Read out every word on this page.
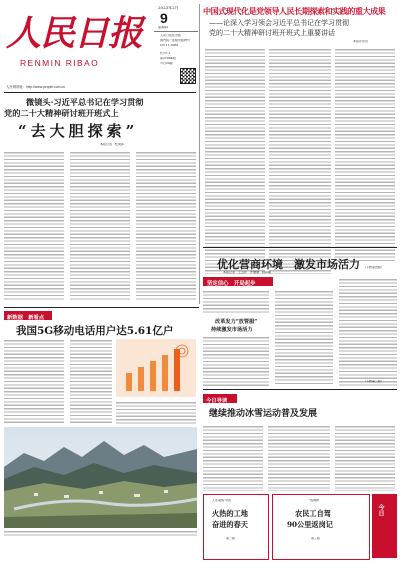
人民日报
RENMIN RIBAO
人民网网址：http://www.people.com.cn
2023年2月
9
星期四
人民日报社出版
国内统一连续出版物号
CN 11-0065
代号1-1
第27084期
今日24版
中国式现代化是党领导人民长期探索和实践的重大成果
——论深入学习领会习近平总书记在学习贯彻
党的二十大精神研讨班开班式上重要讲话
本报评论员
（下转第四版）
微镜头·习近平总书记在学习贯彻
党的二十大精神研讨班开班式上
“去大胆探索”
本报记者　杜尚泽
优化营商环境　激发市场活力
本报记者　王云杉　罗珊珊　林丽鹂
坚定信心　开局起步
改革发力“放管服”
持续激发市场活力
（下转第二版）
新数据　新看点
我国5G移动电话用户达5.61亿户
今日导读
继续推动冰雪运动普及发展
人生观察·导读
火热的工地
奋进的春天
第二版
一线调研
农民工自驾
90公里返岗记
第三版
今日
